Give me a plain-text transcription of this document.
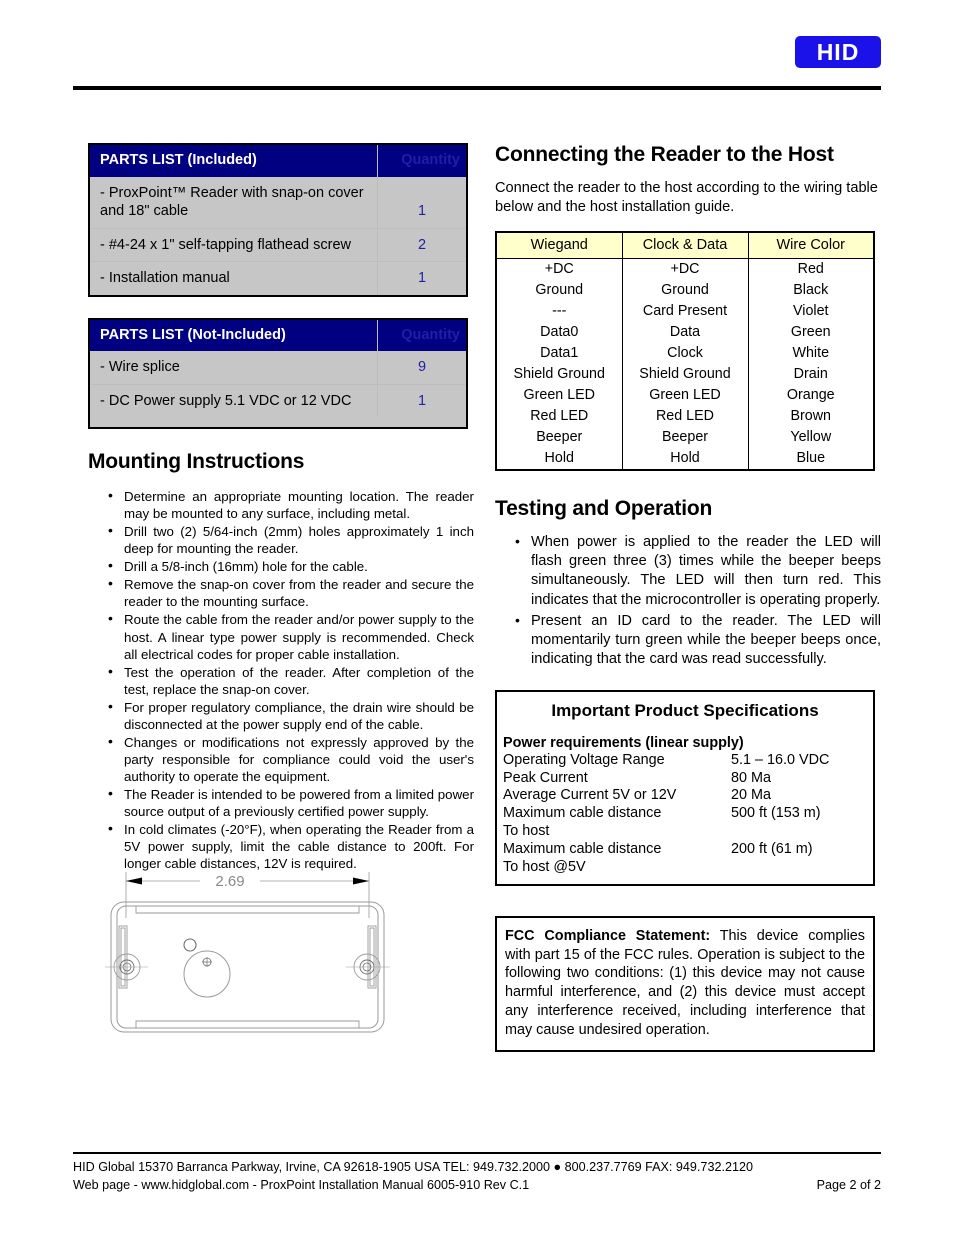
HID
PARTS LIST (Included)	Quantity
- ProxPoint™ Reader with snap-on cover and 18" cable	1
- #4-24 x 1" self-tapping flathead screw	2
- Installation manual	1
PARTS LIST (Not-Included)	Quantity
- Wire splice	9
- DC Power supply 5.1 VDC or 12 VDC	1

Mounting Instructions
• Determine an appropriate mounting location. The reader may be mounted to any surface, including metal.
• Drill two (2) 5/64-inch (2mm) holes approximately 1 inch deep for mounting the reader.
• Drill a 5/8-inch (16mm) hole for the cable.
• Remove the snap-on cover from the reader and secure the reader to the mounting surface.
• Route the cable from the reader and/or power supply to the host. A linear type power supply is recommended. Check all electrical codes for proper cable installation.
• Test the operation of the reader. After completion of the test, replace the snap-on cover.
• For proper regulatory compliance, the drain wire should be disconnected at the power supply end of the cable.
• Changes or modifications not expressly approved by the party responsible for compliance could void the user's authority to operate the equipment.
• The Reader is intended to be powered from a limited power source output of a previously certified power supply.
• In cold climates (-20°F), when operating the Reader from a 5V power supply, limit the cable distance to 200ft. For longer cable distances, 12V is required.
2.69
Connecting the Reader to the Host

Connect the reader to the host according to the wiring table below and the host installation guide.

Wiegand	Clock & Data	Wire Color
+DC	+DC	Red
Ground	Ground	Black
---	Card Present	Violet
Data0	Data	Green
Data1	Clock	White
Shield Ground	Shield Ground	Drain
Green LED	Green LED	Orange
Red LED	Red LED	Brown
Beeper	Beeper	Yellow
Hold	Hold	Blue
Testing and Operation
• When power is applied to the reader the LED will flash green three (3) times while the beeper beeps simultaneously. The LED will then turn red. This indicates that the microcontroller is operating properly.
• Present an ID card to the reader. The LED will momentarily turn green while the beeper beeps once, indicating that the card was read successfully.
Important Product Specifications
Power requirements (linear supply)
Operating Voltage Range	5.1 – 16.0 VDC
Peak Current	80 Ma
Average Current 5V or 12V	20 Ma
Maximum cable distance	500 ft (153 m)
To host
Maximum cable distance	200 ft (61 m)
To host @5V
FCC Compliance Statement: This device complies with part 15 of the FCC rules. Operation is subject to the following two conditions: (1) this device may not cause harmful interference, and (2) this device must accept any interference received, including interference that may cause undesired operation.
HID Global 15370 Barranca Parkway, Irvine, CA 92618-1905 USA TEL: 949.732.2000 ● 800.237.7769 FAX: 949.732.2120
Web page - www.hidglobal.com - ProxPoint Installation Manual 6005-910 Rev C.1	Page 2 of 2
